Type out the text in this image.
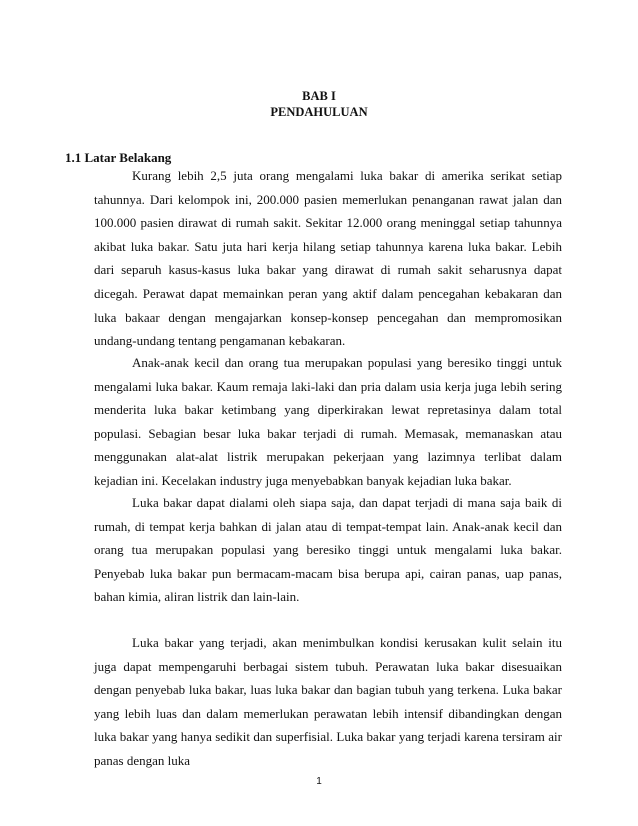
BAB I
PENDAHULUAN
1.1 Latar Belakang

Kurang lebih 2,5 juta orang mengalami luka bakar di amerika serikat setiap tahunnya. Dari kelompok ini, 200.000 pasien memerlukan penanganan rawat jalan dan 100.000 pasien dirawat di rumah sakit. Sekitar 12.000 orang meninggal setiap tahunnya akibat luka bakar. Satu juta hari kerja hilang setiap tahunnya karena luka bakar. Lebih dari separuh kasus-kasus luka bakar yang dirawat di rumah sakit seharusnya dapat dicegah. Perawat dapat memainkan peran yang aktif dalam pencegahan kebakaran dan luka bakaar dengan mengajarkan konsep-konsep pencegahan dan mempromosikan undang-undang tentang pengamanan kebakaran.

Anak-anak kecil dan orang tua merupakan populasi yang beresiko tinggi untuk mengalami luka bakar. Kaum remaja laki-laki dan pria dalam usia kerja juga lebih sering menderita luka bakar ketimbang yang diperkirakan lewat repretasinya dalam total populasi. Sebagian besar luka bakar terjadi di rumah. Memasak, memanaskan atau menggunakan alat-alat listrik merupakan pekerjaan yang lazimnya terlibat dalam kejadian ini. Kecelakan industry juga menyebabkan banyak kejadian luka bakar.

Luka bakar dapat dialami oleh siapa saja, dan dapat terjadi di mana saja baik di rumah, di tempat kerja bahkan di jalan atau di tempat-tempat lain. Anak-anak kecil dan orang tua merupakan populasi yang beresiko tinggi untuk mengalami luka bakar. Penyebab luka bakar pun bermacam-macam bisa berupa api, cairan panas, uap panas, bahan kimia, aliran listrik dan lain-lain.

Luka bakar yang terjadi, akan menimbulkan kondisi kerusakan kulit selain itu juga dapat mempengaruhi berbagai sistem tubuh. Perawatan luka bakar disesuaikan dengan penyebab luka bakar, luas luka bakar dan bagian tubuh yang terkena. Luka bakar yang lebih luas dan dalam memerlukan perawatan lebih intensif dibandingkan dengan luka bakar yang hanya sedikit dan superfisial. Luka bakar yang terjadi karena tersiram air panas dengan luka

1
